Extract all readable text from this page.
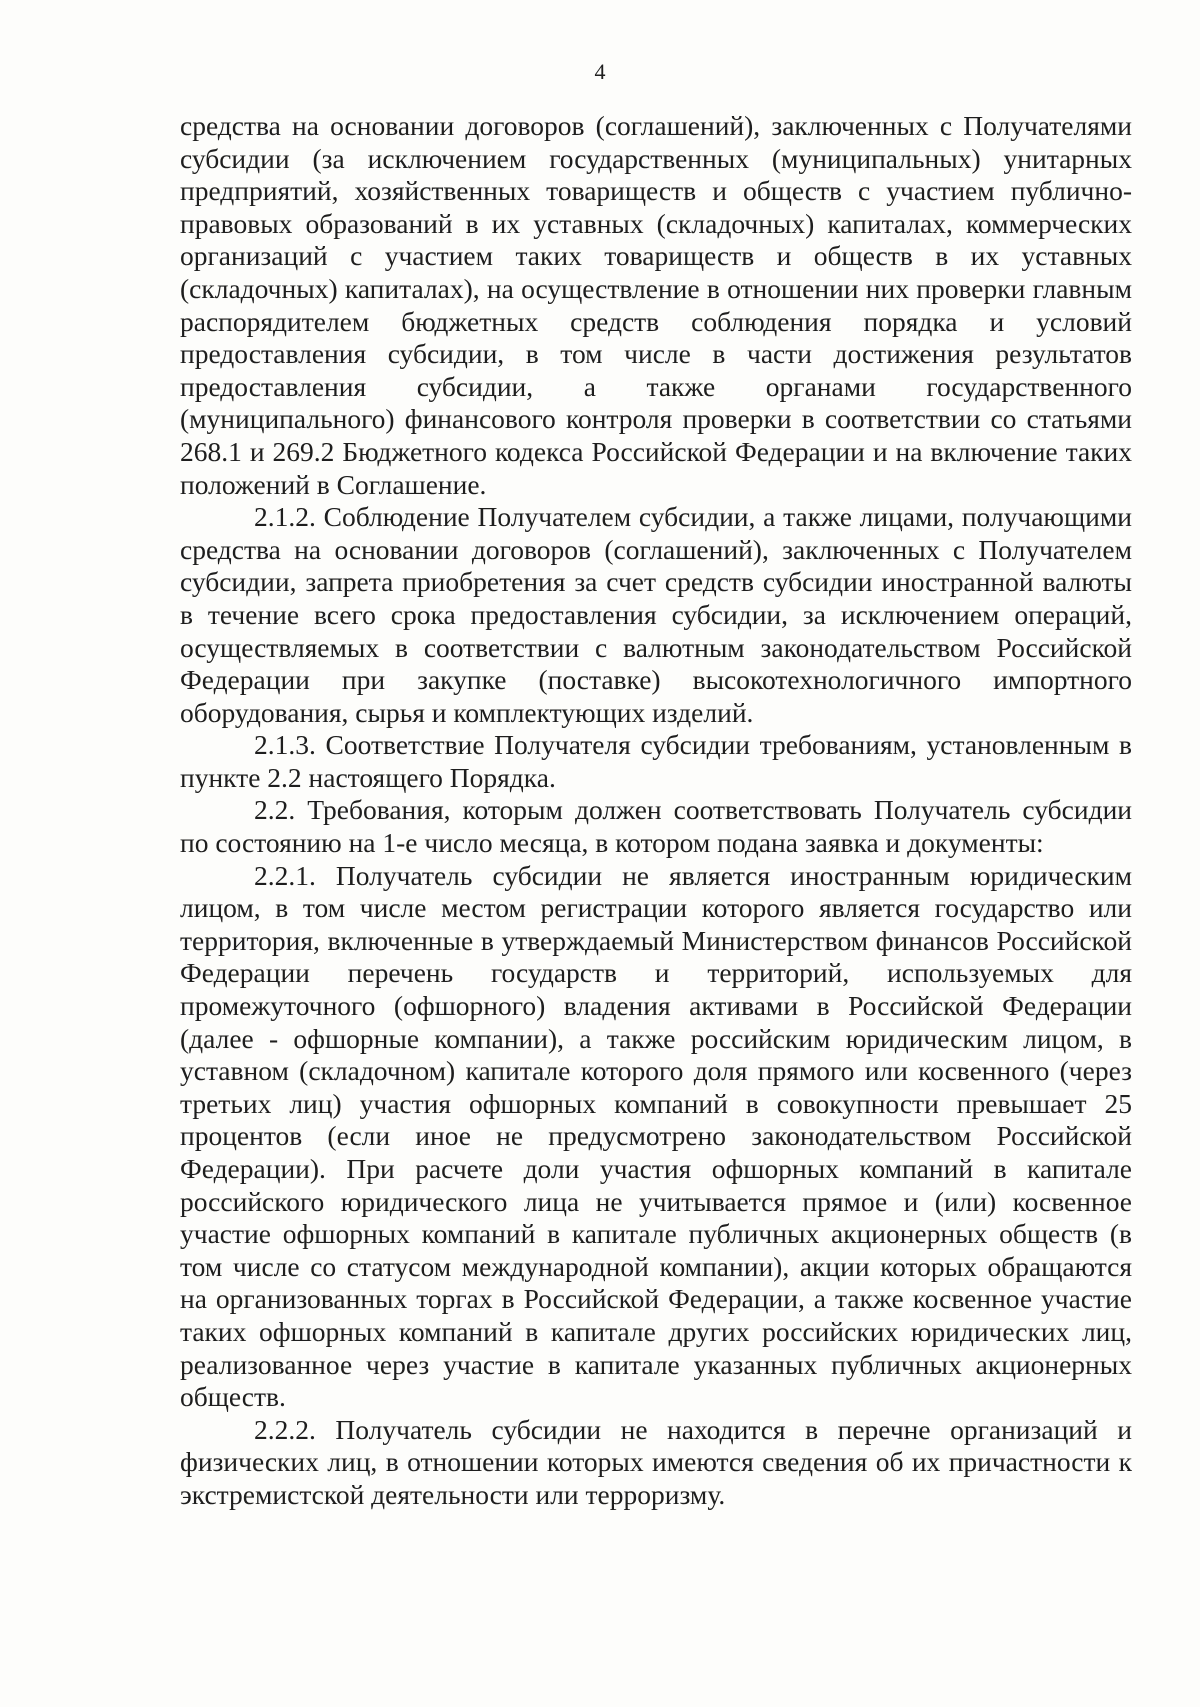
4

средства на основании договоров (соглашений), заключенных с Получателями субсидии (за исключением государственных (муниципальных) унитарных предприятий, хозяйственных товариществ и обществ с участием публично-правовых образований в их уставных (складочных) капиталах, коммерческих организаций с участием таких товариществ и обществ в их уставных (складочных) капиталах), на осуществление в отношении них проверки главным распорядителем бюджетных средств соблюдения порядка и условий предоставления субсидии, в том числе в части достижения результатов предоставления субсидии, а также органами государственного (муниципального) финансового контроля проверки в соответствии со статьями 268.1 и 269.2 Бюджетного кодекса Российской Федерации и на включение таких положений в Соглашение.

2.1.2. Соблюдение Получателем субсидии, а также лицами, получающими средства на основании договоров (соглашений), заключенных с Получателем субсидии, запрета приобретения за счет средств субсидии иностранной валюты в течение всего срока предоставления субсидии, за исключением операций, осуществляемых в соответствии с валютным законодательством Российской Федерации при закупке (поставке) высокотехнологичного импортного оборудования, сырья и комплектующих изделий.

2.1.3. Соответствие Получателя субсидии требованиям, установленным в пункте 2.2 настоящего Порядка.

2.2. Требования, которым должен соответствовать Получатель субсидии по состоянию на 1-е число месяца, в котором подана заявка и документы:

2.2.1. Получатель субсидии не является иностранным юридическим лицом, в том числе местом регистрации которого является государство или территория, включенные в утверждаемый Министерством финансов Российской Федерации перечень государств и территорий, используемых для промежуточного (офшорного) владения активами в Российской Федерации (далее - офшорные компании), а также российским юридическим лицом, в уставном (складочном) капитале которого доля прямого или косвенного (через третьих лиц) участия офшорных компаний в совокупности превышает 25 процентов (если иное не предусмотрено законодательством Российской Федерации). При расчете доли участия офшорных компаний в капитале российского юридического лица не учитывается прямое и (или) косвенное участие офшорных компаний в капитале публичных акционерных обществ (в том числе со статусом международной компании), акции которых обращаются на организованных торгах в Российской Федерации, а также косвенное участие таких офшорных компаний в капитале других российских юридических лиц, реализованное через участие в капитале указанных публичных акционерных обществ.

2.2.2. Получатель субсидии не находится в перечне организаций и физических лиц, в отношении которых имеются сведения об их причастности к экстремистской деятельности или терроризму.
